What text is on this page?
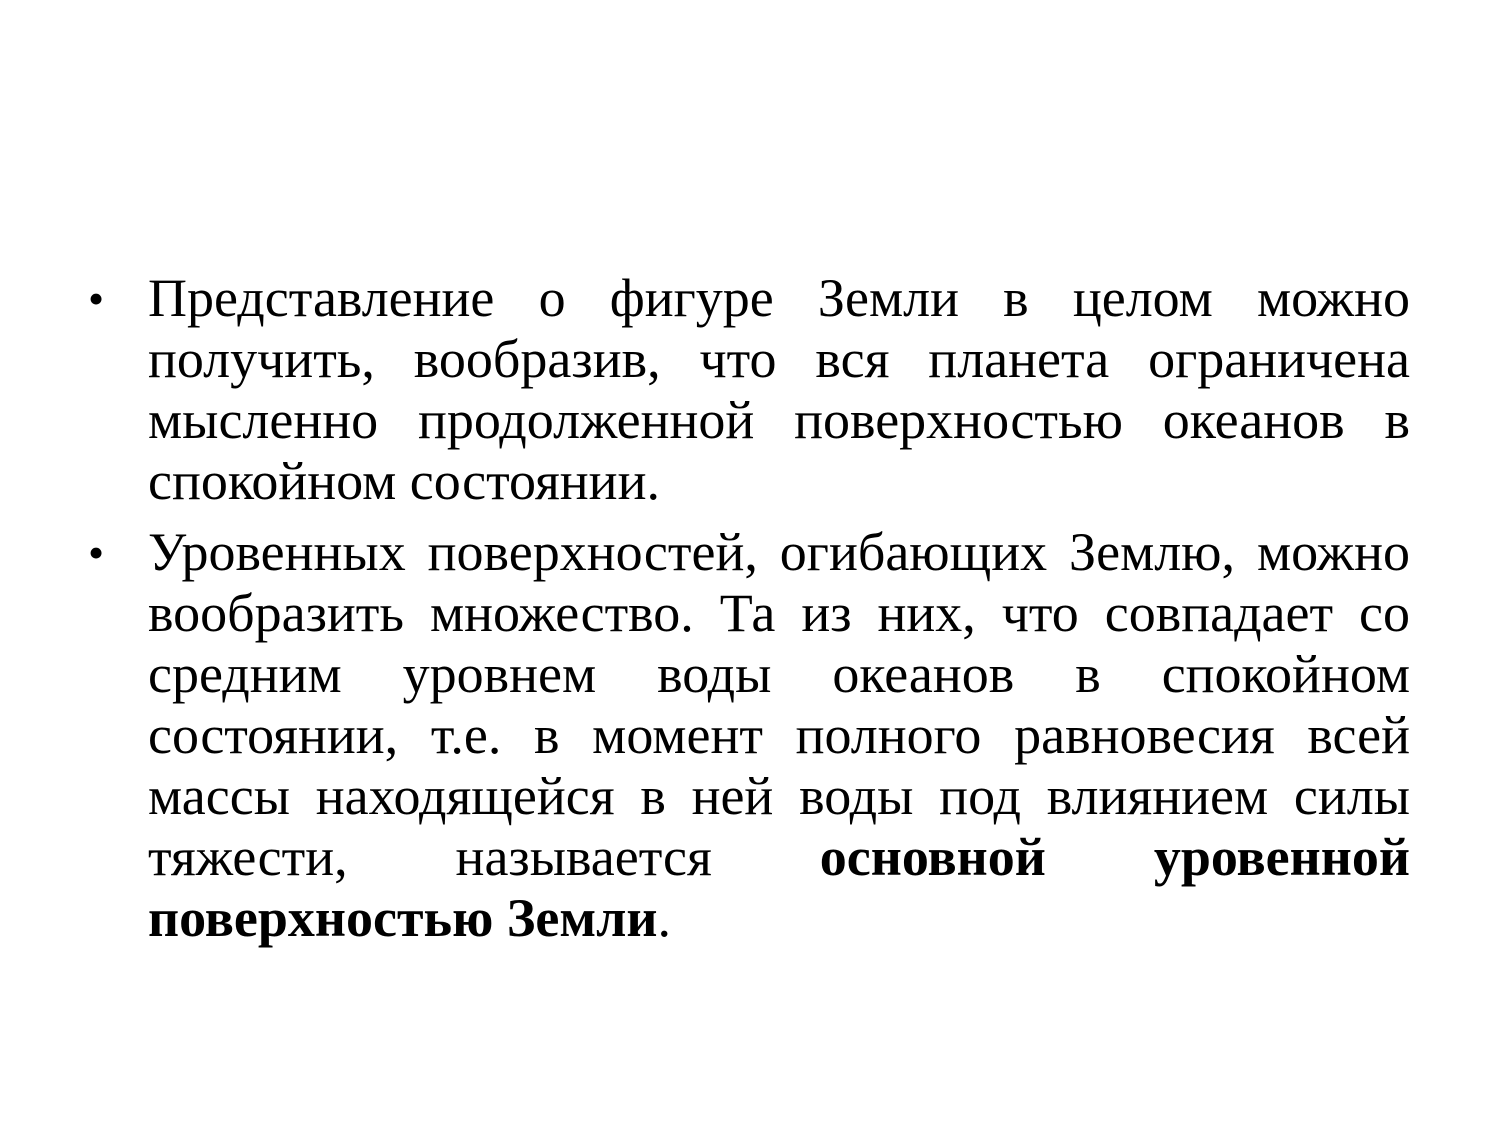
• Представление о фигуре Земли в целом можно получить, вообразив, что вся планета ограничена мысленно продолженной поверхностью океанов в спокойном состоянии.
• Уровенных поверхностей, огибающих Землю, можно вообразить множество. Та из них, что совпадает со средним уровнем воды океанов в спокойном состоянии, т.е. в момент полного равновесия всей массы находящейся в ней воды под влиянием силы тяжести, называется основной уровенной поверхностью Земли.
